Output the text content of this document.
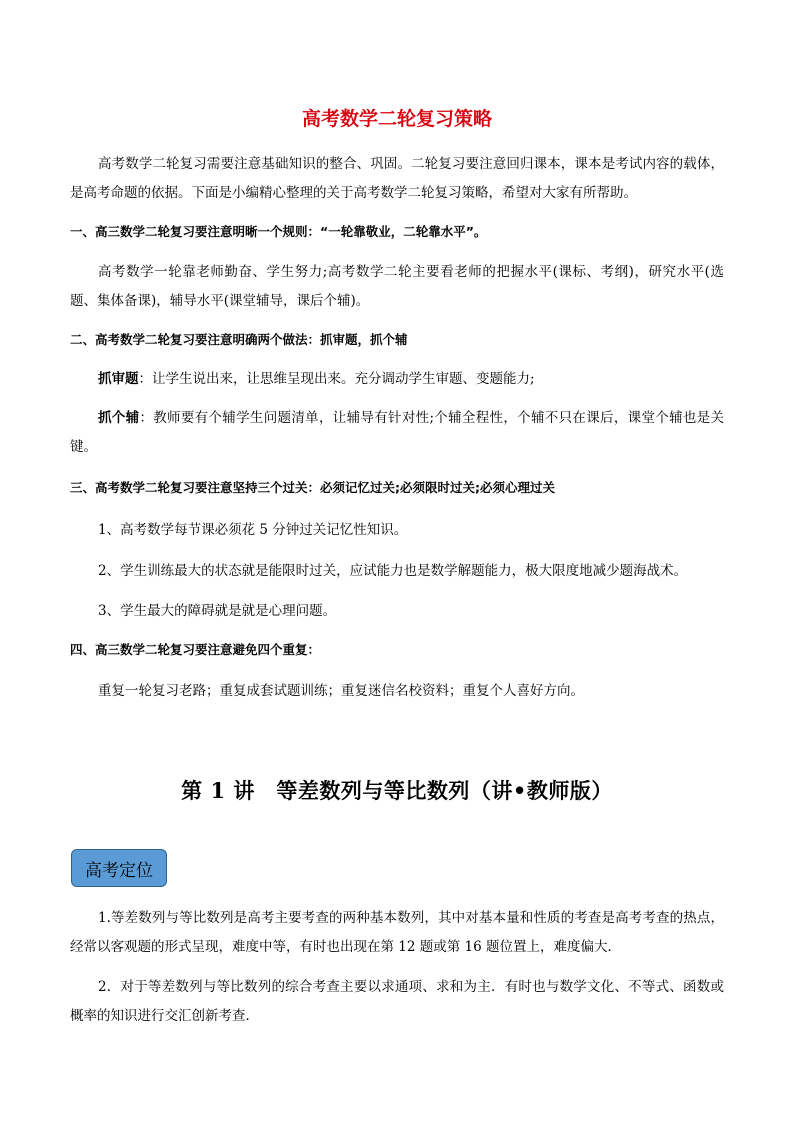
高考数学二轮复习策略
高考数学二轮复习需要注意基础知识的整合、巩固。二轮复习要注意回归课本，课本是考试内容的载体，是高考命题的依据。下面是小编精心整理的关于高考数学二轮复习策略，希望对大家有所帮助。
一、高三数学二轮复习要注意明晰一个规则：“一轮靠敬业，二轮靠水平”。
高考数学一轮靠老师勤奋、学生努力;高考数学二轮主要看老师的把握水平(课标、考纲)，研究水平(选题、集体备课)，辅导水平(课堂辅导，课后个辅)。
二、高考数学二轮复习要注意明确两个做法：抓审题，抓个辅
抓审题：让学生说出来，让思维呈现出来。充分调动学生审题、变题能力;
抓个辅：教师要有个辅学生问题清单，让辅导有针对性;个辅全程性，个辅不只在课后，课堂个辅也是关键。
三、高考数学二轮复习要注意坚持三个过关：必须记忆过关;必须限时过关;必须心理过关
1、高考数学每节课必须花 5 分钟过关记忆性知识。
2、学生训练最大的状态就是能限时过关，应试能力也是数学解题能力，极大限度地减少题海战术。
3、学生最大的障碍就是就是心理问题。
四、高三数学二轮复习要注意避免四个重复：
重复一轮复习老路；重复成套试题训练；重复迷信名校资料；重复个人喜好方向。
第 1 讲　等差数列与等比数列（讲•教师版）
高考定位
1.等差数列与等比数列是高考主要考查的两种基本数列，其中对基本量和性质的考查是高考考查的热点，经常以客观题的形式呈现，难度中等，有时也出现在第 12 题或第 16 题位置上，难度偏大．
2．对于等差数列与等比数列的综合考查主要以求通项、求和为主．有时也与数学文化、不等式、函数或概率的知识进行交汇创新考查．
